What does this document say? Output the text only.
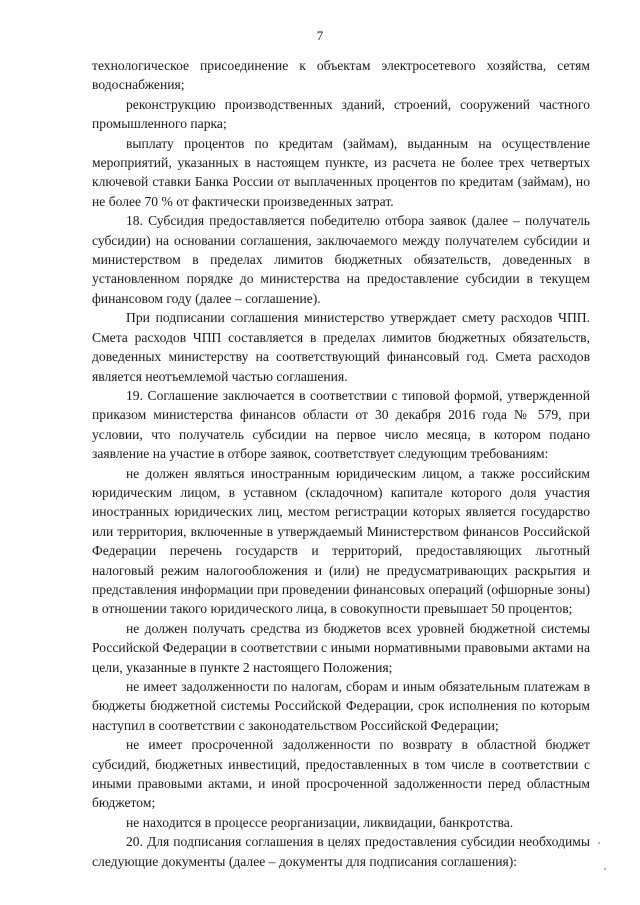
7

технологическое присоединение к объектам электросетевого хозяйства, сетям водоснабжения;

реконструкцию производственных зданий, строений, сооружений частного промышленного парка;

выплату процентов по кредитам (займам), выданным на осуществление мероприятий, указанных в настоящем пункте, из расчета не более трех четвертых ключевой ставки Банка России от выплаченных процентов по кредитам (займам), но не более 70 % от фактически произведенных затрат.

18. Субсидия предоставляется победителю отбора заявок (далее – получатель субсидии) на основании соглашения, заключаемого между получателем субсидии и министерством в пределах лимитов бюджетных обязательств, доведенных в установленном порядке до министерства на предоставление субсидии в текущем финансовом году (далее – соглашение).

При подписании соглашения министерство утверждает смету расходов ЧПП. Смета расходов ЧПП составляется в пределах лимитов бюджетных обязательств, доведенных министерству на соответствующий финансовый год. Смета расходов является неотъемлемой частью соглашения.

19. Соглашение заключается в соответствии с типовой формой, утвержденной приказом министерства финансов области от 30 декабря 2016 года № 579, при условии, что получатель субсидии на первое число месяца, в котором подано заявление на участие в отборе заявок, соответствует следующим требованиям:

не должен являться иностранным юридическим лицом, а также российским юридическим лицом, в уставном (складочном) капитале которого доля участия иностранных юридических лиц, местом регистрации которых является государство или территория, включенные в утверждаемый Министерством финансов Российской Федерации перечень государств и территорий, предоставляющих льготный налоговый режим налогообложения и (или) не предусматривающих раскрытия и представления информации при проведении финансовых операций (офшорные зоны) в отношении такого юридического лица, в совокупности превышает 50 процентов;

не должен получать средства из бюджетов всех уровней бюджетной системы Российской Федерации в соответствии с иными нормативными правовыми актами на цели, указанные в пункте 2 настоящего Положения;

не имеет задолженности по налогам, сборам и иным обязательным платежам в бюджеты бюджетной системы Российской Федерации, срок исполнения по которым наступил в соответствии с законодательством Российской Федерации;

не имеет просроченной задолженности по возврату в областной бюджет субсидий, бюджетных инвестиций, предоставленных в том числе в соответствии с иными правовыми актами, и иной просроченной задолженности перед областным бюджетом;

не находится в процессе реорганизации, ликвидации, банкротства.

20. Для подписания соглашения в целях предоставления субсидии необходимы следующие документы (далее – документы для подписания соглашения):
